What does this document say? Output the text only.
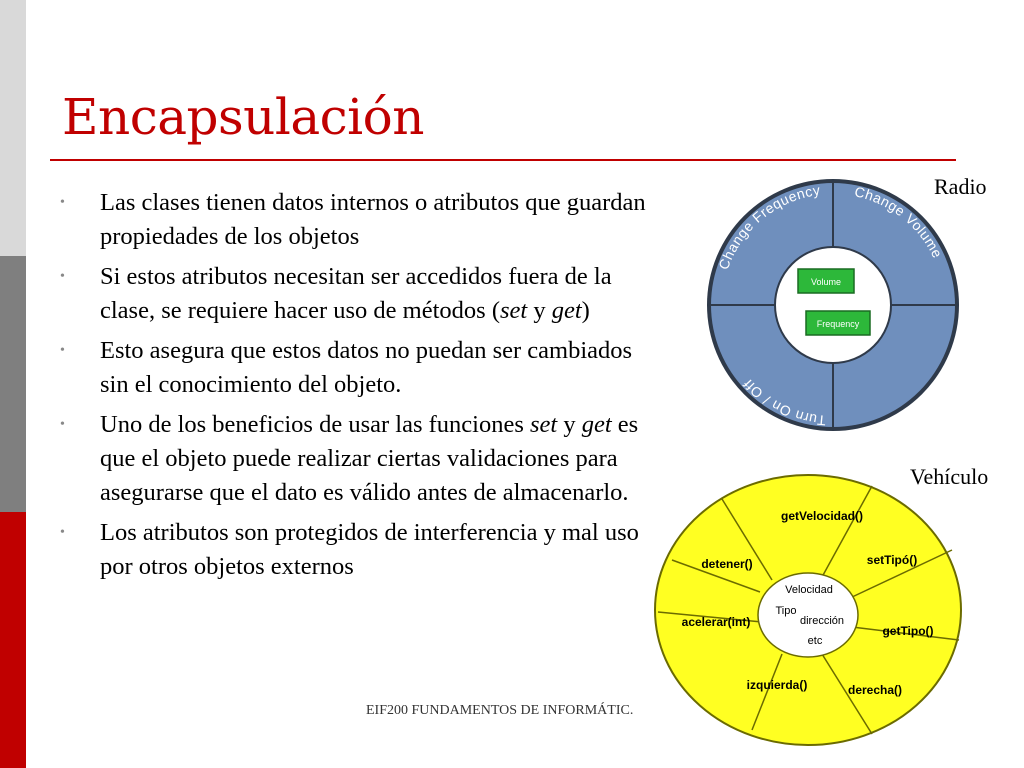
Encapsulación
• Las clases tienen datos internos o atributos que guardan propiedades de los objetos
• Si estos atributos necesitan ser accedidos fuera de la clase, se requiere hacer uso de métodos (set y get)
• Esto asegura que estos datos no puedan ser cambiados sin el conocimiento del objeto.
• Uno de los beneficios de usar las funciones set y get es que el objeto puede realizar ciertas validaciones para asegurarse que el dato es válido antes de almacenarlo.
• Los atributos son protegidos de interferencia y mal uso por otros objetos externos
Radio
Vehículo
Change Frequency Change Volume
Turn On / Off
Volume
Frequency
getVelocidad()
setTipó()
getTipo()
derecha()
izquierda()
acelerar(int)
detener()
Velocidad
Tipo
dirección
etc
EIF200 FUNDAMENTOS DE INFORMÁTIC.
